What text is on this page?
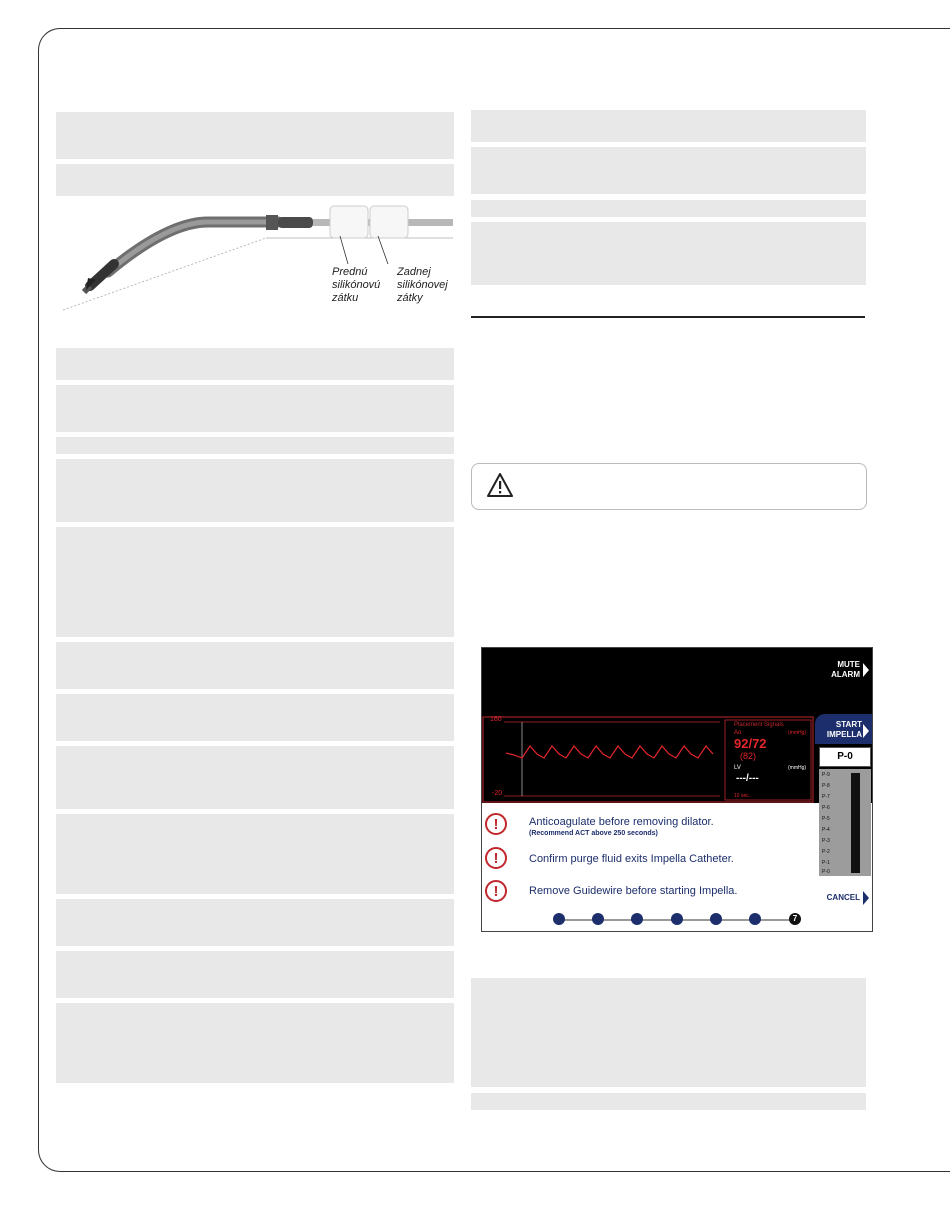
Prednú
silikónovú
zátku
Zadnej
silikónovej
zátky
MUTE
ALARM
160
-20
Placement Signals
Ao	(mmHg)
92/72
(82)
LV	(mmHg)
---/---
10 sec.
START
IMPELLA
P-0
P-9
P-8
P-7
P-6
P-5
P-4
P-3
P-2
P-1
P-0
!	Anticoagulate before removing dilator.
(Recommend ACT above 250 seconds)
!	Confirm purge fluid exits Impella Catheter.
!	Remove Guidewire before starting Impella.
CANCEL
7
